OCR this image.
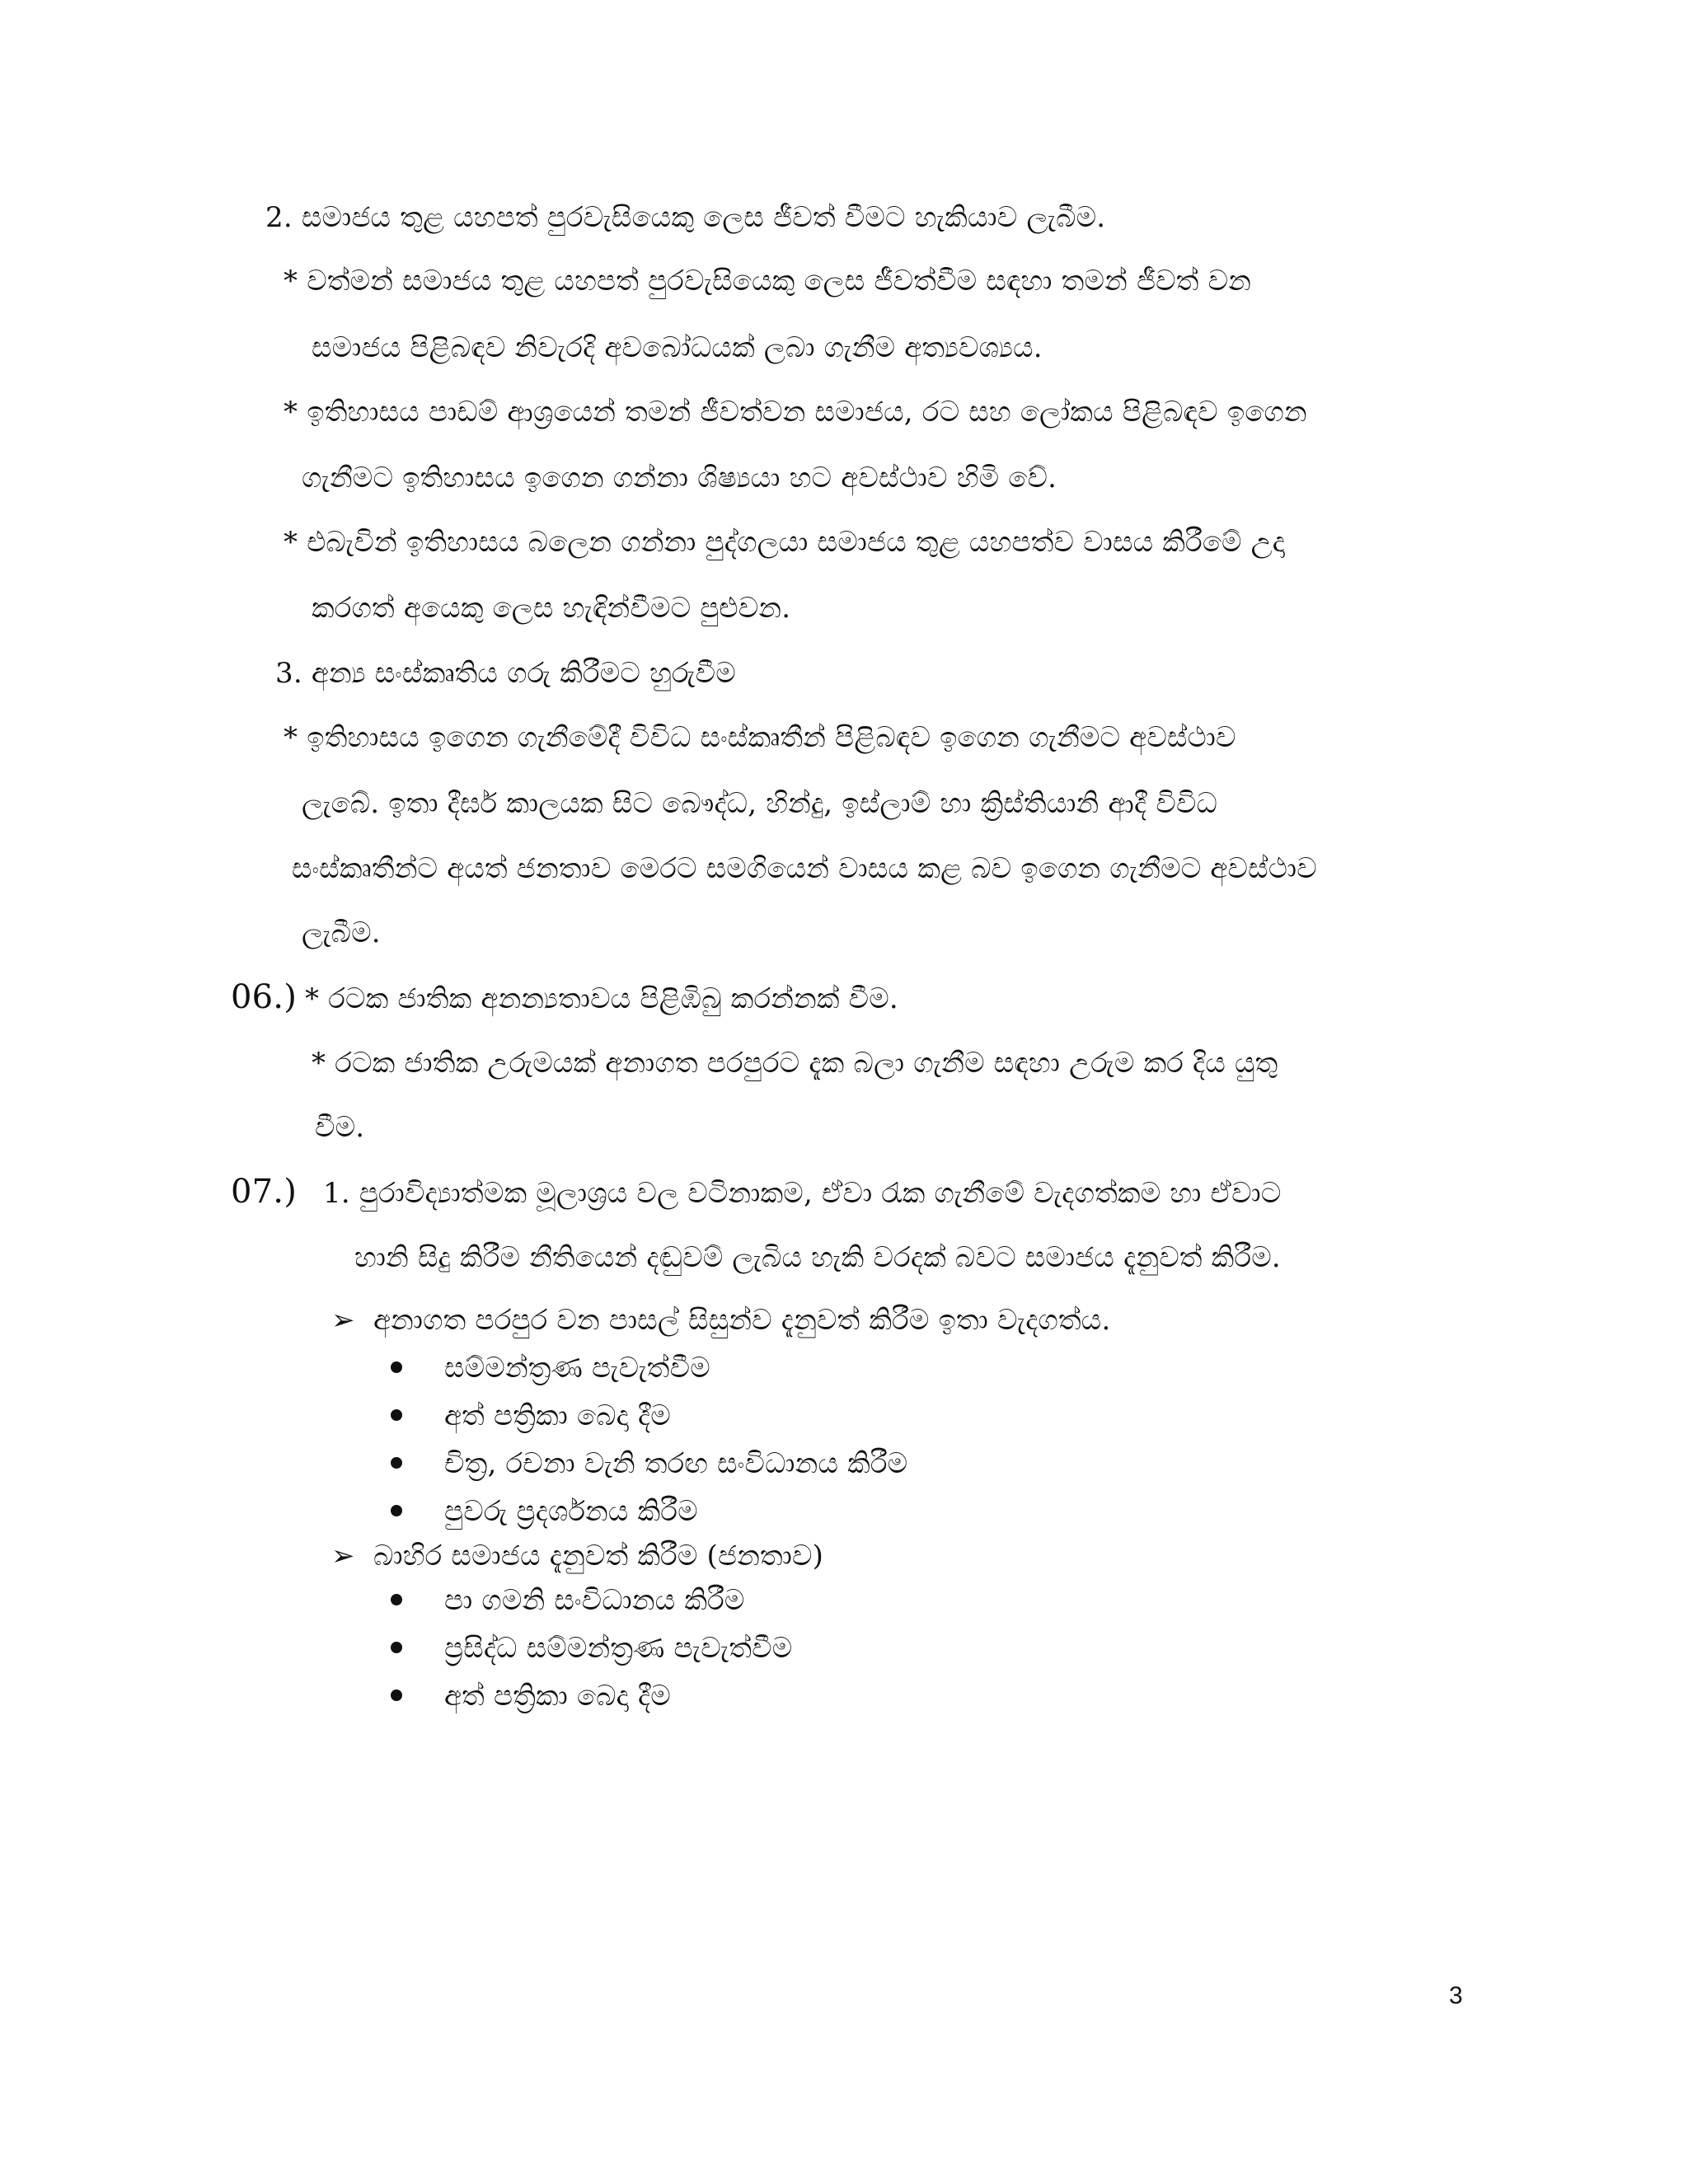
2. සමාජය තුළ යහපත් පුරවැසියෙකු ලෙස ජීවත් වීමට හැකියාව ලැබීම.
* වත්මන් සමාජය තුළ යහපත් පුරවැසියෙකු ලෙස ජීවත්වීම සඳහා තමන් ජීවත් වන
සමාජය පිළිබඳව නිවැරදි අවබෝධයක් ලබා ගැනීම අත්‍යවශ්‍යය.
* ඉතිහාසය පාඩම් ආශ්‍රයෙන් තමන් ජීවත්වන සමාජය, රට සහ ලෝකය පිළිබඳව ඉගෙන
ගැනීමට ඉතිහාසය ඉගෙන ගන්නා ශිෂ්‍යයා හට අවස්ථාව හිමි වේ.
* එබැවින් ඉතිහාසය බලෙන ගන්නා පුද්ගලයා සමාජය තුළ යහපත්ව වාසය කිරීමේ උදා
කරගත් අයෙකු ලෙස හැඳින්වීමට පුළුවන.
3. අන්‍ය සංස්කෘතිය ගරු කිරීමට හුරුවීම
* ඉතිහාසය ඉගෙන ගැනීමේදී විවිධ සංස්කෘතීන් පිළිබඳව ඉගෙන ගැනීමට අවස්ථාව
ලැබේ. ඉතා දීර්ඝ කාලයක සිට බෞද්ධ, හින්දු, ඉස්ලාම් හා ක්‍රිස්තියානි ආදී විවිධ
සංස්කෘතීන්ට අයත් ජනතාව මෙරට සමගියෙන් වාසය කළ බව ඉගෙන ගැනීමට අවස්ථාව
ලැබීම.
06.) * රටක ජාතික අනන්‍යතාවය පිළිඹිබු කරන්නක් වීම.
* රටක ජාතික උරුමයක් අනාගත පරපුරට දැක බලා ගැනීම සඳහා උරුම කර දිය යුතු
වීම.
07.) 1. පුරාවිද්‍යාත්මක මූලාශ්‍රය වල වටිනාකම, ඒවා රැක ගැනීමේ වැදගත්කම හා ඒවාට
හානි සිදු කිරීම නීතියෙන් දඬුවම් ලැබිය හැකි වරදක් බවට සමාජය දැනුවත් කිරීම.
➢ අනාගත පරපුර වන පාසල් සිසුන්ව දැනුවත් කිරීම ඉතා වැදගත්ය.
සම්මන්ත්‍රණ පැවැත්වීම
අත් පත්‍රිකා බෙදා දීම
චිත්‍ර, රචනා වැනි තරඟ සංවිධානය කිරීම
පුවරු ප්‍රදර්ශනය කිරීම
➢ බාහිර සමාජය දැනුවත් කිරීම (ජනතාව)
පා ගමනි සංවිධානය කිරීම
ප්‍රසිද්ධ සම්මන්ත්‍රණ පැවැත්වීම
අත් පත්‍රිකා බෙදා දීම
3
